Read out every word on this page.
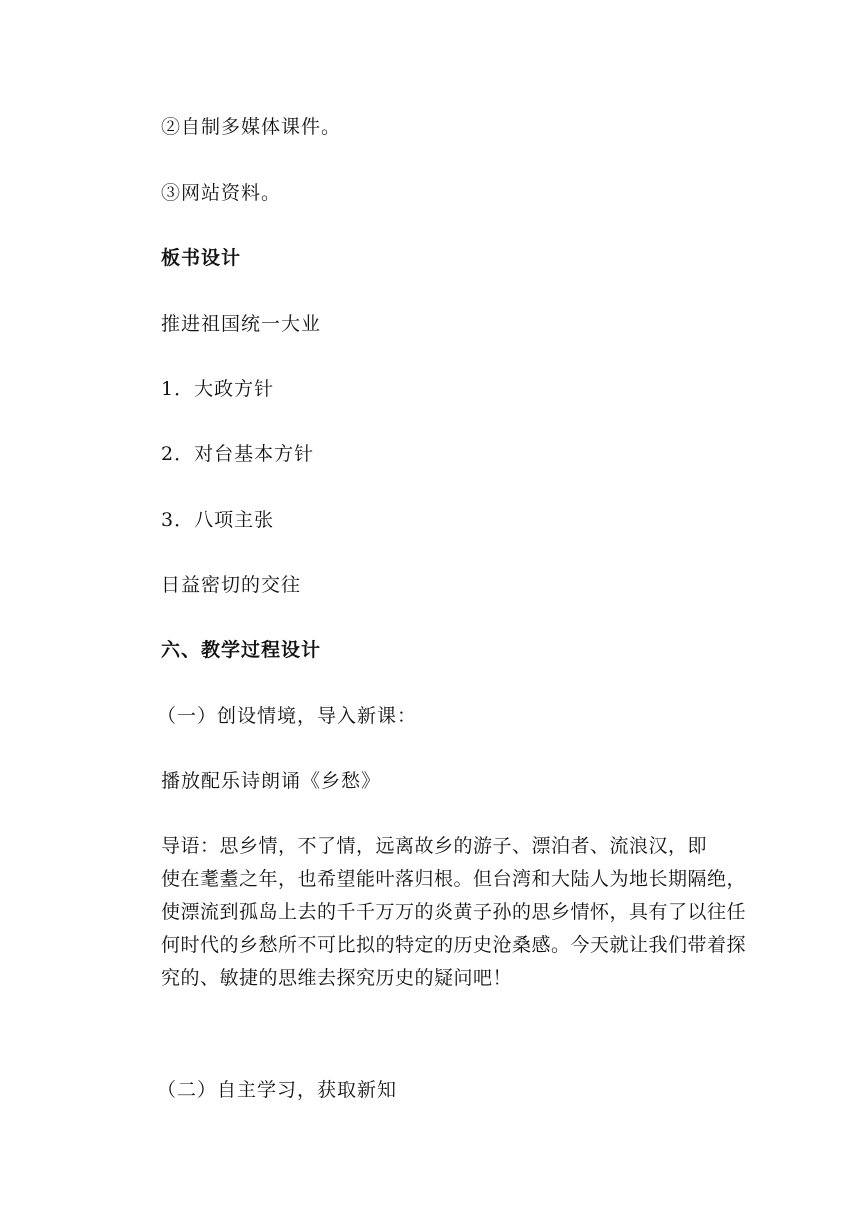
②自制多媒体课件。
③网站资料。
板书设计
推进祖国统一大业
1．大政方针
2．对台基本方针
3．八项主张
日益密切的交往
六、教学过程设计
（一）创设情境，导入新课：
播放配乐诗朗诵《乡愁》
导语：思乡情，不了情，远离故乡的游子、漂泊者、流浪汉，即
使在耄耋之年，也希望能叶落归根。但台湾和大陆人为地长期隔绝，
使漂流到孤岛上去的千千万万的炎黄子孙的思乡情怀，具有了以往任
何时代的乡愁所不可比拟的特定的历史沧桑感。今天就让我们带着探
究的、敏捷的思维去探究历史的疑问吧！
（二）自主学习，获取新知
